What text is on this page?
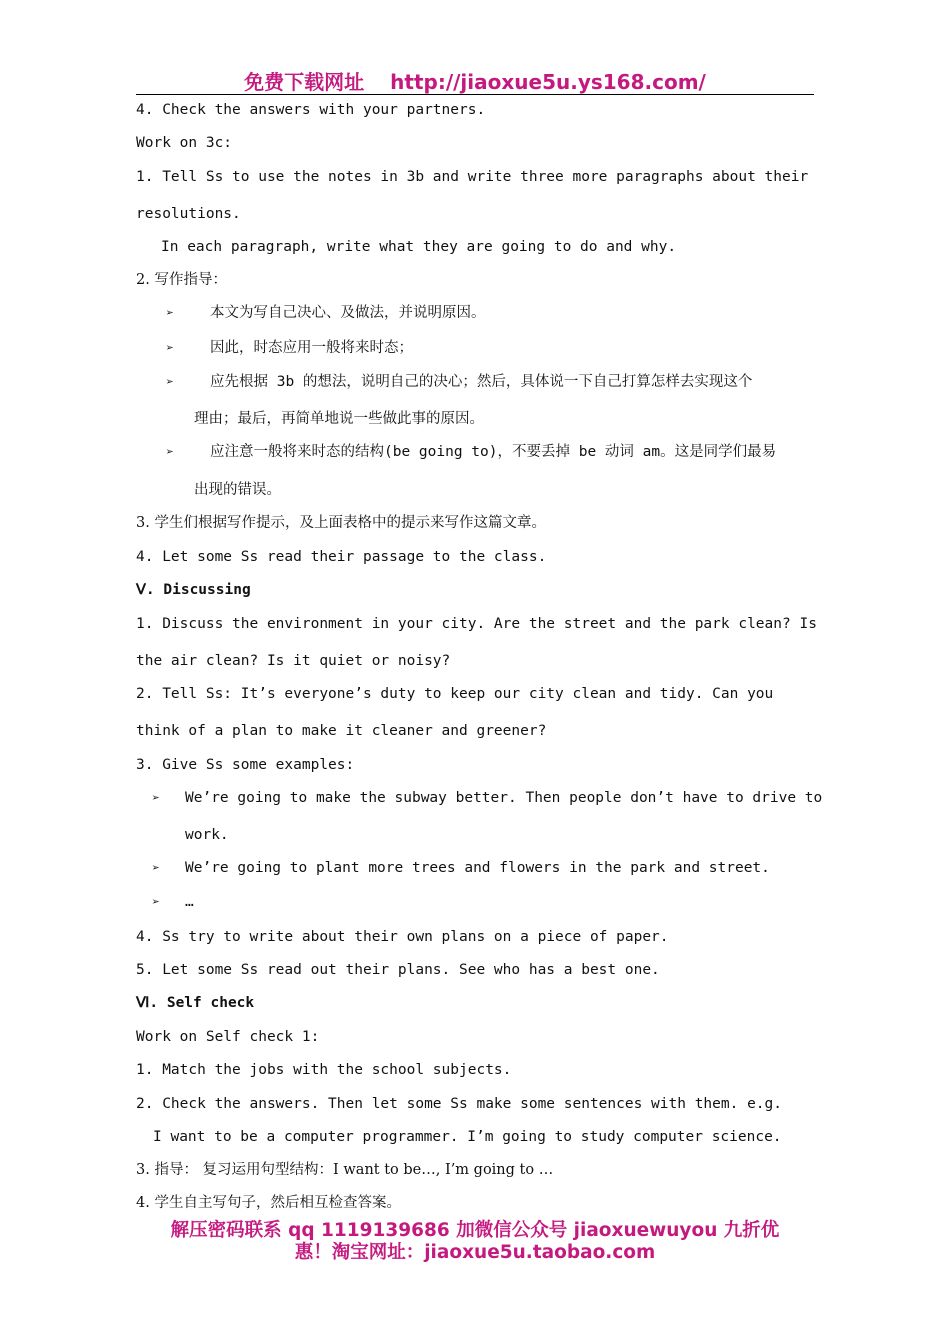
免费下载网址 http://jiaoxue5u.ys168.com/
4. Check the answers with your partners.
Work on 3c:
1. Tell Ss to use the notes in 3b and write three more paragraphs about their
resolutions.
In each paragraph, write what they are going to do and why.
2. 写作指导：
➢ 本文为写自己决心、及做法，并说明原因。
➢ 因此，时态应用一般将来时态；
➢ 应先根据 3b 的想法，说明自己的决心；然后，具体说一下自己打算怎样去实现这个
理由；最后，再简单地说一些做此事的原因。
➢ 应注意一般将来时态的结构(be going to)，不要丢掉 be 动词 am。这是同学们最易
出现的错误。
3. 学生们根据写作提示，及上面表格中的提示来写作这篇文章。
4. Let some Ss read their passage to the class.
Ⅴ. Discussing
1. Discuss the environment in your city. Are the street and the park clean? Is
the air clean? Is it quiet or noisy?
2. Tell Ss: It’s everyone’s duty to keep our city clean and tidy. Can you
think of a plan to make it cleaner and greener?
3. Give Ss some examples:
➢ We’re going to make the subway better. Then people don’t have to drive to
work.
➢ We’re going to plant more trees and flowers in the park and street.
➢ …
4. Ss try to write about their own plans on a piece of paper.
5. Let some Ss read out their plans. See who has a best one.
Ⅵ. Self check
Work on Self check 1:
1. Match the jobs with the school subjects.
2. Check the answers. Then let some Ss make some sentences with them. e.g.
I want to be a computer programmer. I’m going to study computer science.
3. 指导： 复习运用句型结构：I want to be…, I’m going to …
4. 学生自主写句子，然后相互检查答案。
解压密码联系 qq 1119139686 加微信公众号 jiaoxuewuyou 九折优
惠！淘宝网址：jiaoxue5u.taobao.com
